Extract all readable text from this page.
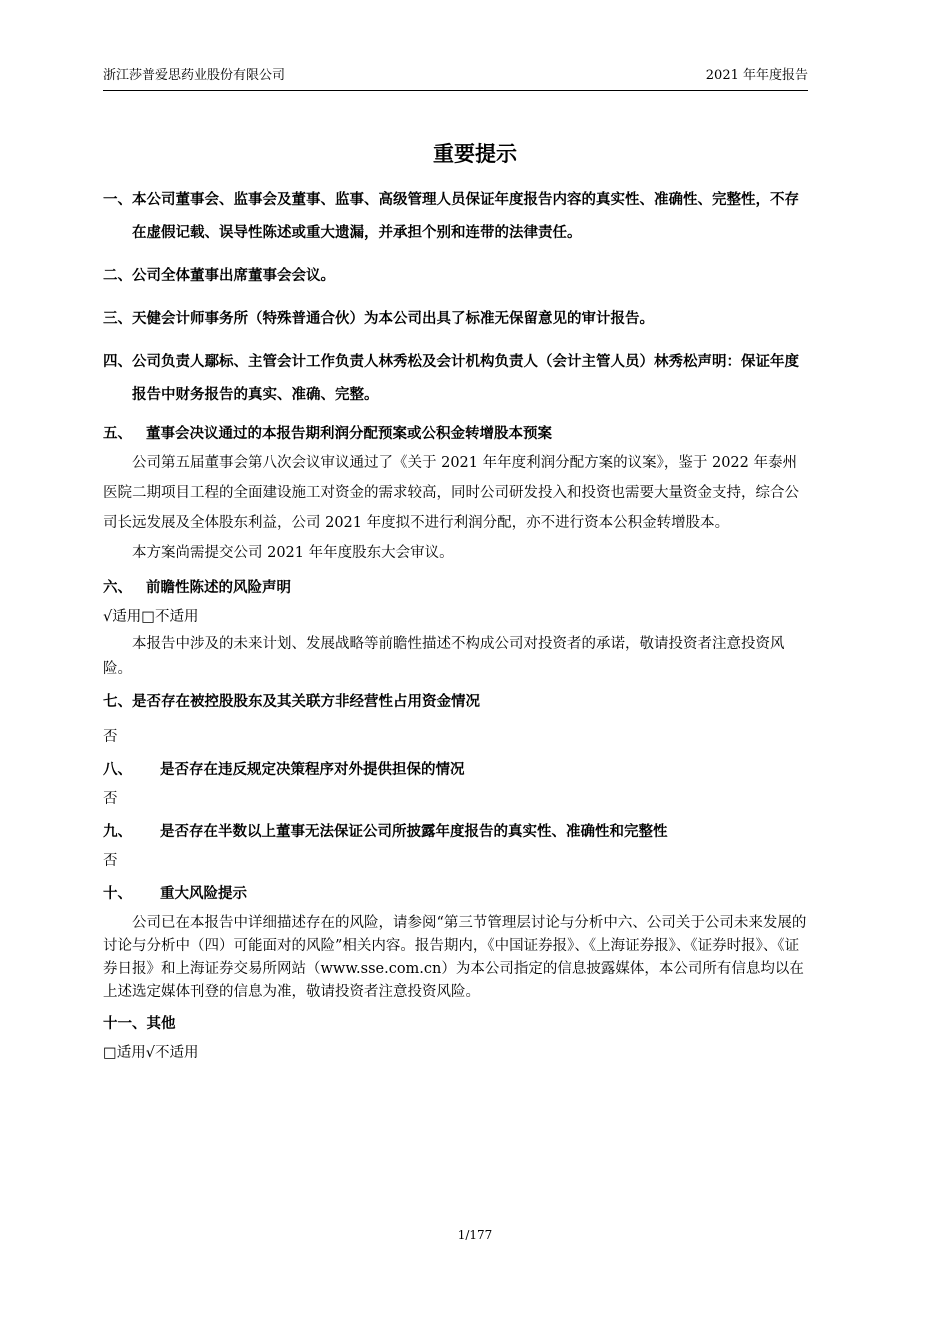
浙江莎普爱思药业股份有限公司	2021 年年度报告
重要提示
一、本公司董事会、监事会及董事、监事、高级管理人员保证年度报告内容的真实性、准确性、完整性，不存在虚假记载、误导性陈述或重大遗漏，并承担个别和连带的法律责任。
二、公司全体董事出席董事会会议。
三、天健会计师事务所（特殊普通合伙）为本公司出具了标准无保留意见的审计报告。
四、公司负责人鄢标、主管会计工作负责人林秀松及会计机构负责人（会计主管人员）林秀松声明：保证年度报告中财务报告的真实、准确、完整。
五、 董事会决议通过的本报告期利润分配预案或公积金转增股本预案
公司第五届董事会第八次会议审议通过了《关于 2021 年年度利润分配方案的议案》，鉴于 2022 年泰州医院二期项目工程的全面建设施工对资金的需求较高，同时公司研发投入和投资也需要大量资金支持，综合公司长远发展及全体股东利益，公司 2021 年度拟不进行利润分配，亦不进行资本公积金转增股本。
本方案尚需提交公司 2021 年年度股东大会审议。
六、 前瞻性陈述的风险声明
√适用□不适用
本报告中涉及的未来计划、发展战略等前瞻性描述不构成公司对投资者的承诺，敬请投资者注意投资风险。
七、是否存在被控股股东及其关联方非经营性占用资金情况
否
八、 是否存在违反规定决策程序对外提供担保的情况
否
九、 是否存在半数以上董事无法保证公司所披露年度报告的真实性、准确性和完整性
否
十、 重大风险提示
公司已在本报告中详细描述存在的风险，请参阅“第三节管理层讨论与分析中六、公司关于公司未来发展的讨论与分析中（四）可能面对的风险”相关内容。报告期内，《中国证券报》、《上海证券报》、《证券时报》、《证券日报》和上海证券交易所网站（www.sse.com.cn）为本公司指定的信息披露媒体，本公司所有信息均以在上述选定媒体刊登的信息为准，敬请投资者注意投资风险。
十一、其他
□适用√不适用
1/177
